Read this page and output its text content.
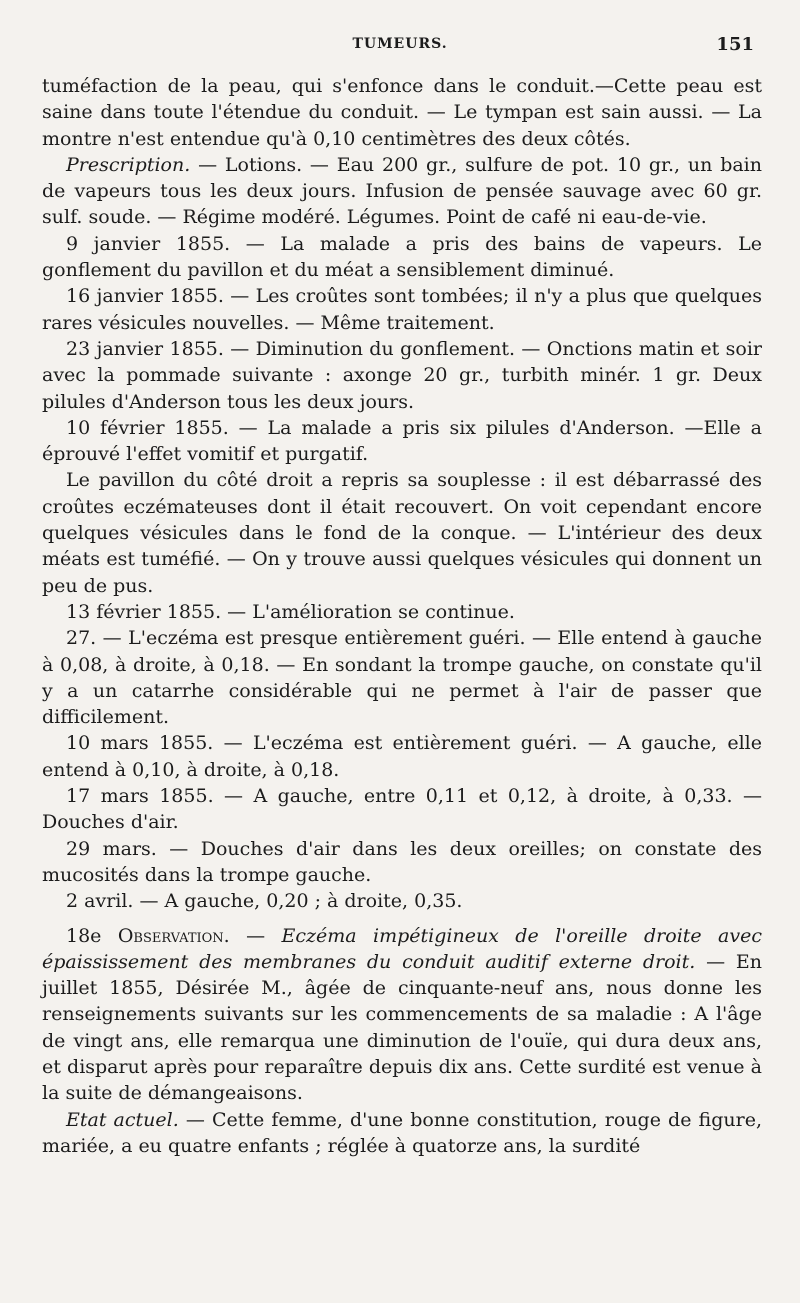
TUMEURS.	151

tuméfaction de la peau, qui s'enfonce dans le conduit.—Cette peau est saine dans toute l'étendue du conduit. — Le tympan est sain aussi. — La montre n'est entendue qu'à 0,10 centimètres des deux côtés.

Prescription. — Lotions. — Eau 200 gr., sulfure de pot. 10 gr., un bain de vapeurs tous les deux jours. Infusion de pensée sauvage avec 60 gr. sulf. soude. — Régime modéré. Légumes. Point de café ni eau-de-vie.

9 janvier 1855. — La malade a pris des bains de vapeurs. Le gonflement du pavillon et du méat a sensiblement diminué.

16 janvier 1855. — Les croûtes sont tombées; il n'y a plus que quelques rares vésicules nouvelles. — Même traitement.

23 janvier 1855. — Diminution du gonflement. — Onctions matin et soir avec la pommade suivante : axonge 20 gr., turbith minér. 1 gr. Deux pilules d'Anderson tous les deux jours.

10 février 1855. — La malade a pris six pilules d'Anderson. —Elle a éprouvé l'effet vomitif et purgatif.

Le pavillon du côté droit a repris sa souplesse : il est débarrassé des croûtes eczémateuses dont il était recouvert. On voit cependant encore quelques vésicules dans le fond de la conque. — L'intérieur des deux méats est tuméfié. — On y trouve aussi quelques vésicules qui donnent un peu de pus.

13 février 1855. — L'amélioration se continue.

27. — L'eczéma est presque entièrement guéri. — Elle entend à gauche à 0,08, à droite, à 0,18. — En sondant la trompe gauche, on constate qu'il y a un catarrhe considérable qui ne permet à l'air de passer que difficilement.

10 mars 1855. — L'eczéma est entièrement guéri. — A gauche, elle entend à 0,10, à droite, à 0,18.

17 mars 1855. — A gauche, entre 0,11 et 0,12, à droite, à 0,33. — Douches d'air.

29 mars. — Douches d'air dans les deux oreilles; on constate des mucosités dans la trompe gauche.

2 avril. — A gauche, 0,20 ; à droite, 0,35.

18e Observation. — Eczéma impétigineux de l'oreille droite avec épaississement des membranes du conduit auditif externe droit. — En juillet 1855, Désirée M., âgée de cinquante-neuf ans, nous donne les renseignements suivants sur les commencements de sa maladie : A l'âge de vingt ans, elle remarqua une diminution de l'ouïe, qui dura deux ans, et disparut après pour reparaître depuis dix ans. Cette surdité est venue à la suite de démangeaisons.

Etat actuel. — Cette femme, d'une bonne constitution, rouge de figure, mariée, a eu quatre enfants ; réglée à quatorze ans, la surdité
